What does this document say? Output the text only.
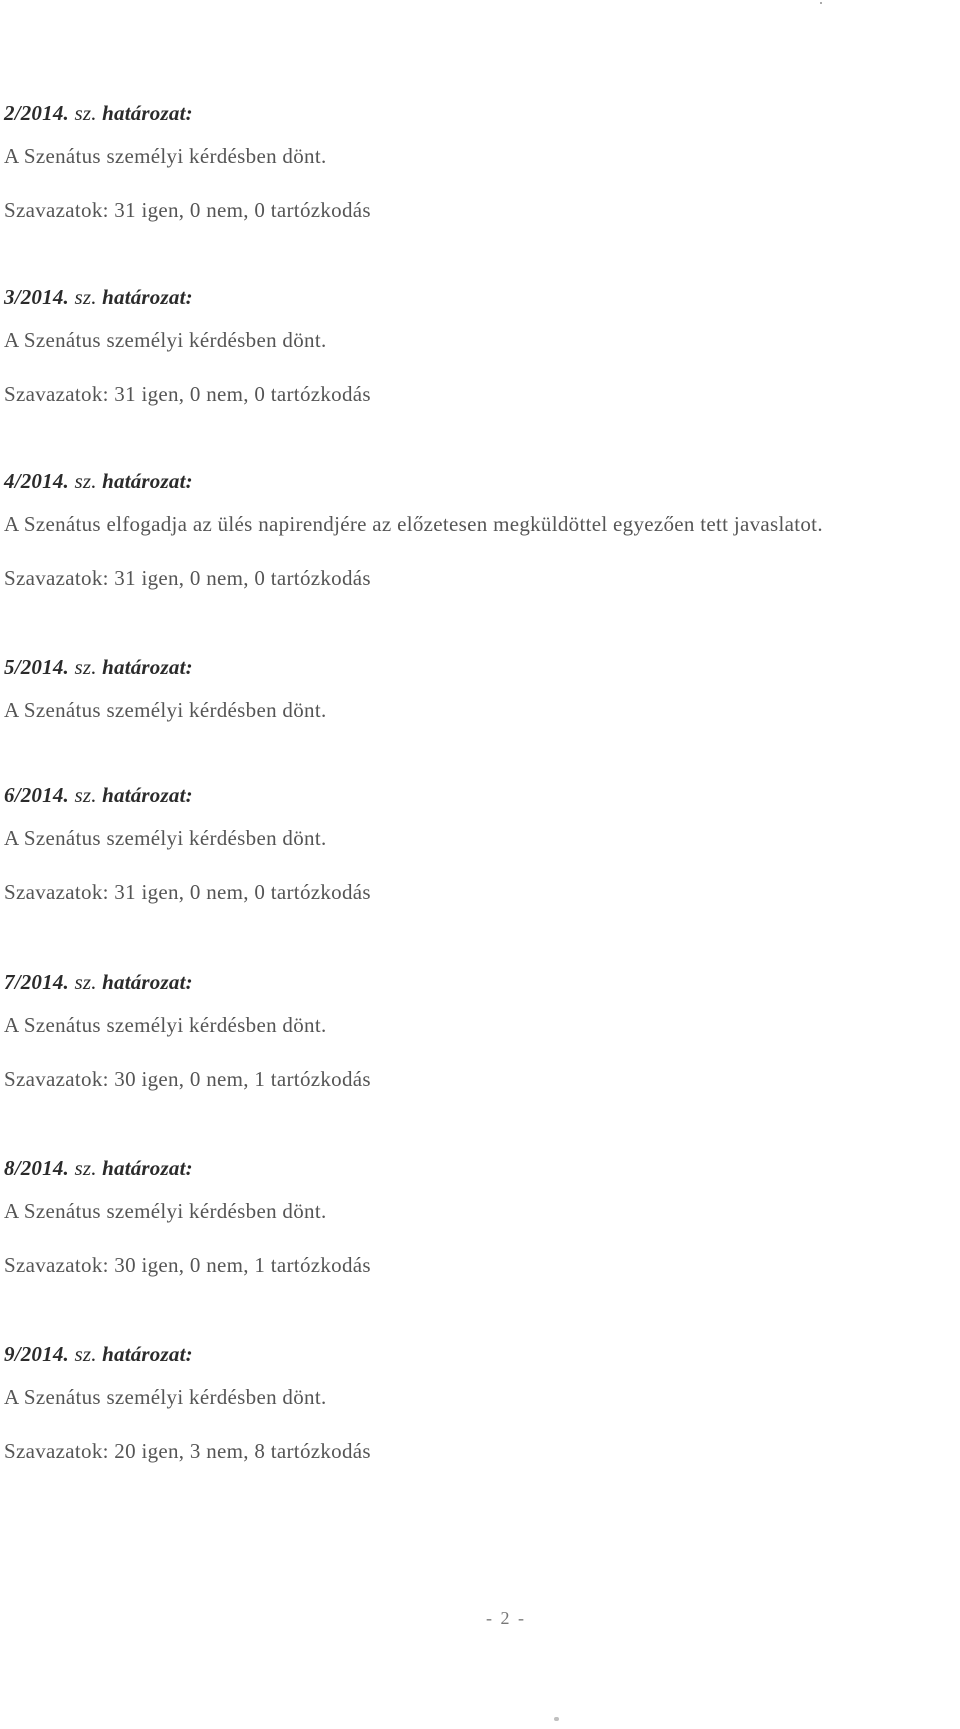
2/2014. sz. határozat:
A Szenátus személyi kérdésben dönt.
Szavazatok: 31 igen, 0 nem, 0 tartózkodás
3/2014. sz. határozat:
A Szenátus személyi kérdésben dönt.
Szavazatok: 31 igen, 0 nem, 0 tartózkodás
4/2014. sz. határozat:
A Szenátus elfogadja az ülés napirendjére az előzetesen megküldöttel egyezően tett javaslatot.
Szavazatok: 31 igen, 0 nem, 0 tartózkodás
5/2014. sz. határozat:
A Szenátus személyi kérdésben dönt.
6/2014. sz. határozat:
A Szenátus személyi kérdésben dönt.
Szavazatok: 31 igen, 0 nem, 0 tartózkodás
7/2014. sz. határozat:
A Szenátus személyi kérdésben dönt.
Szavazatok: 30 igen, 0 nem, 1 tartózkodás
8/2014. sz. határozat:
A Szenátus személyi kérdésben dönt.
Szavazatok: 30 igen, 0 nem, 1 tartózkodás
9/2014. sz. határozat:
A Szenátus személyi kérdésben dönt.
Szavazatok: 20 igen, 3 nem, 8 tartózkodás
- 2 -
